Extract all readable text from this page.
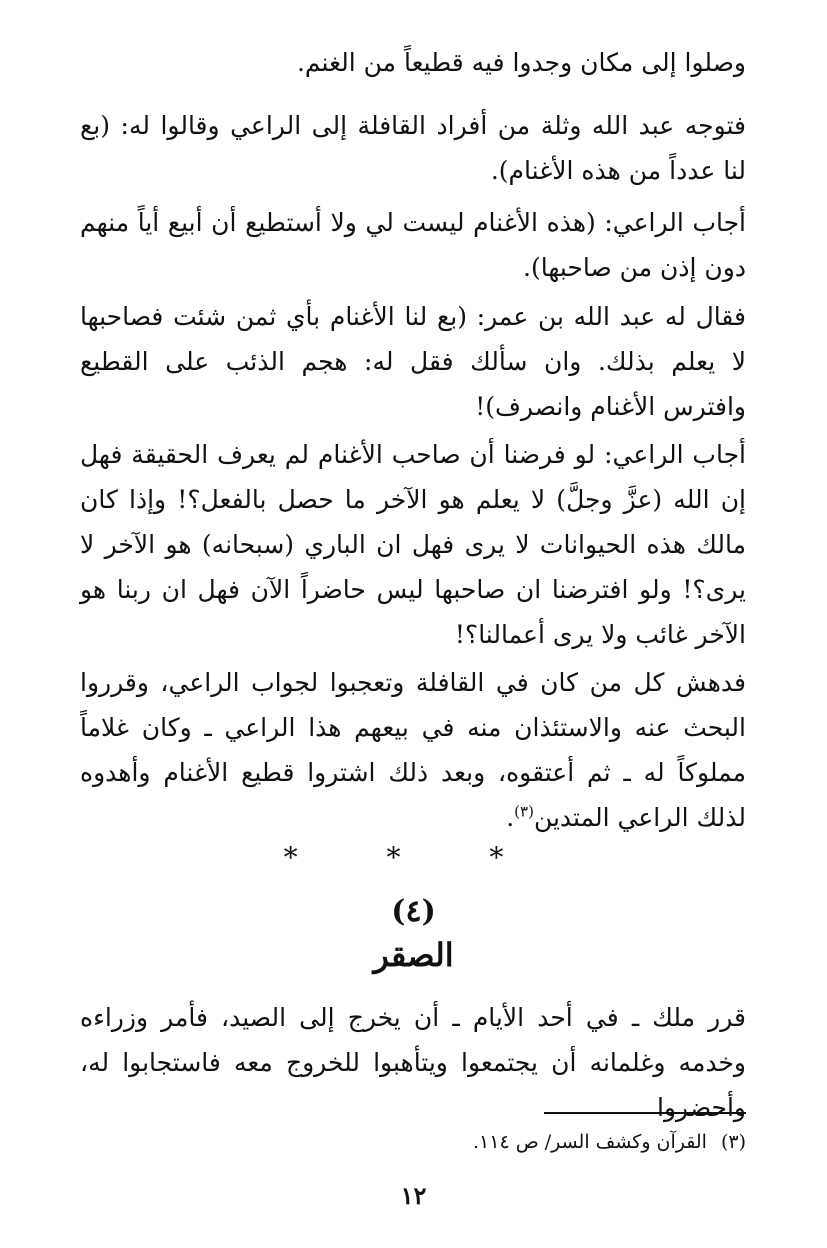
وصلوا إلى مكان وجدوا فيه قطيعاً من الغنم.

فتوجه عبد الله وثلة من أفراد القافلة إلى الراعي وقالوا له: (بع لنا عدداً من هذه الأغنام).

أجاب الراعي: (هذه الأغنام ليست لي ولا أستطيع أن أبيع أياً منهم دون إذن من صاحبها).

فقال له عبد الله بن عمر: (بع لنا الأغنام بأي ثمن شئت فصاحبها لا يعلم بذلك. وان سألك فقل له: هجم الذئب على القطيع وافترس الأغنام وانصرف)!

أجاب الراعي: لو فرضنا أن صاحب الأغنام لم يعرف الحقيقة فهل إن الله (عزَّ وجلَّ) لا يعلم هو الآخر ما حصل بالفعل؟! وإذا كان مالك هذه الحيوانات لا يرى فهل ان الباري (سبحانه) هو الآخر لا يرى؟! ولو افترضنا ان صاحبها ليس حاضراً الآن فهل ان ربنا هو الآخر غائب ولا يرى أعمالنا؟!

فدهش كل من كان في القافلة وتعجبوا لجواب الراعي، وقرروا البحث عنه والاستئذان منه في بيعهم هذا الراعي ـ وكان غلاماً مملوكاً له ـ ثم أعتقوه، وبعد ذلك اشتروا قطيع الأغنام وأهدوه لذلك الراعي المتدين$^{(٣)}$.

* * *
(٤)
الصقر

قرر ملك ـ في أحد الأيام ـ أن يخرج إلى الصيد، فأمر وزراءه وخدمه وغلمانه أن يجتمعوا ويتأهبوا للخروج معه فاستجابوا له، وأحضروا

(٣)القرآن وكشف السر/ ص ١١٤.
١٢
